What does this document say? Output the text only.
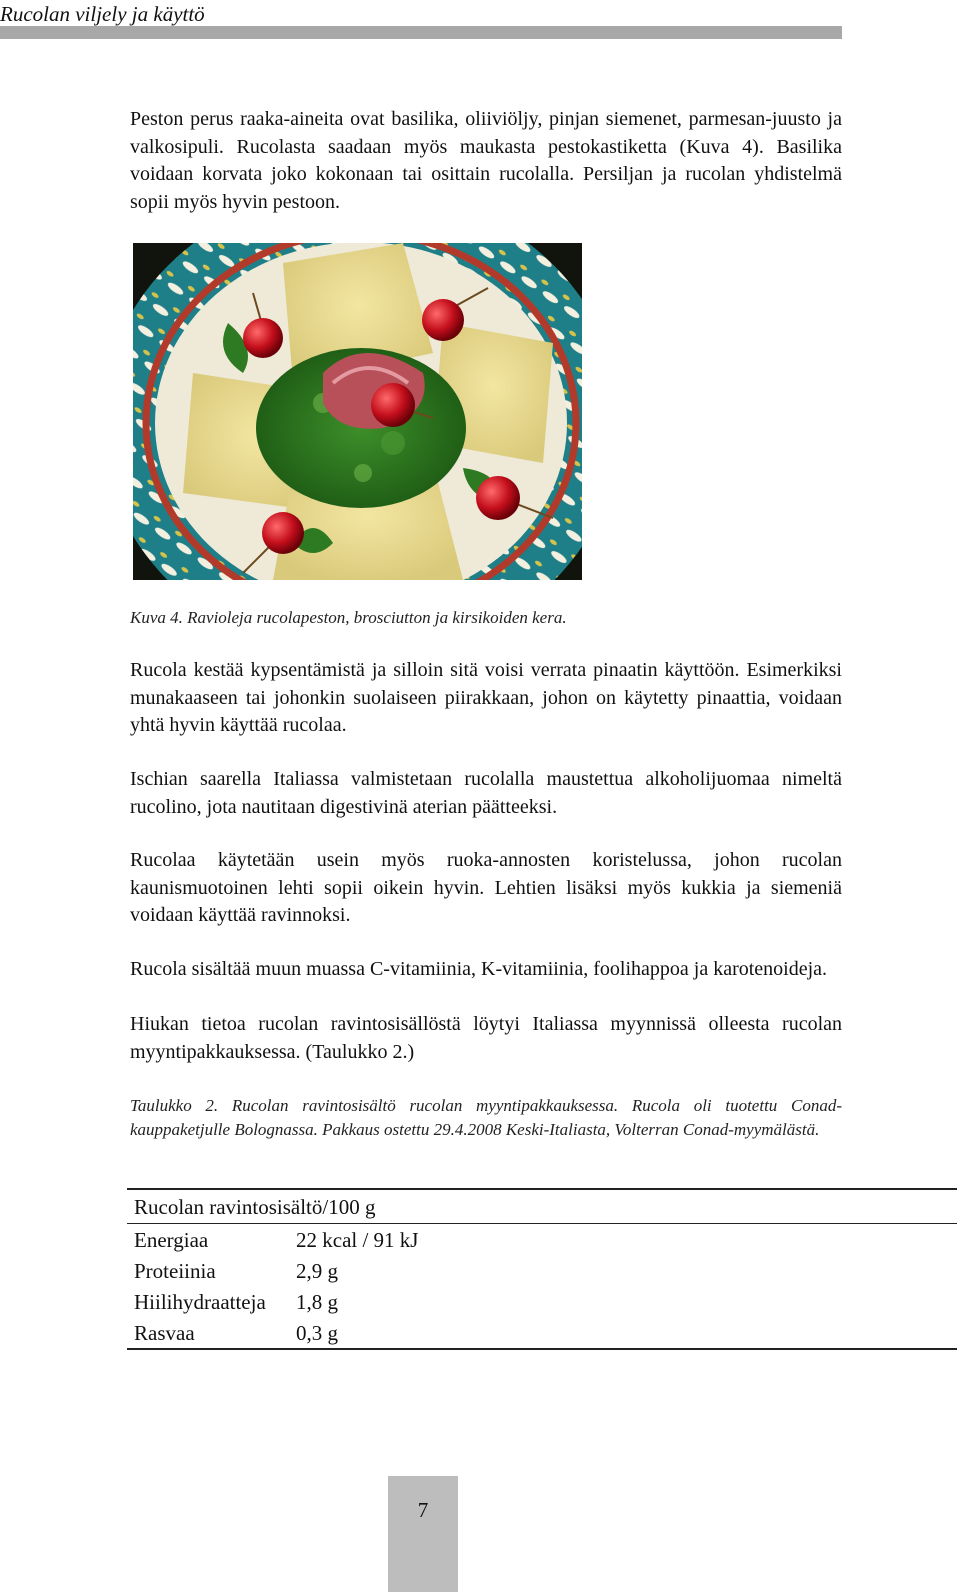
Rucolan viljely ja käyttö

Peston perus raaka-aineita ovat basilika, oliiviöljy, pinjan siemenet, parmesan-juusto ja valkosipuli. Rucolasta saadaan myös maukasta pestokastiketta (Kuva 4). Basilika voidaan korvata joko kokonaan tai osittain rucolalla. Persiljan ja rucolan yhdistelmä sopii myös hyvin pestoon.

Kuva 4. Ravioleja rucolapeston, brosciutton ja kirsikoiden kera.

Rucola kestää kypsentämistä ja silloin sitä voisi verrata pinaatin käyttöön. Esimerkiksi munakaaseen tai johonkin suolaiseen piirakkaan, johon on käytetty pinaattia, voidaan yhtä hyvin käyttää rucolaa.

Ischian saarella Italiassa valmistetaan rucolalla maustettua alkoholijuomaa nimeltä rucolino, jota nautitaan digestivinä aterian päätteeksi.

Rucolaa käytetään usein myös ruoka-annosten koristelussa, johon rucolan kaunismuotoinen lehti sopii oikein hyvin. Lehtien lisäksi myös kukkia ja siemeniä voidaan käyttää ravinnoksi.

Rucola sisältää muun muassa C-vitamiinia, K-vitamiinia, foolihappoa ja karotenoideja.

Hiukan tietoa rucolan ravintosisällöstä löytyi Italiassa myynnissä olleesta rucolan myyntipakkauksessa. (Taulukko 2.)

Taulukko 2. Rucolan ravintosisältö rucolan myyntipakkauksessa. Rucola oli tuotettu Conad-kauppaketjulle Bolognassa. Pakkaus ostettu 29.4.2008 Keski-Italiasta, Volterran Conad-myymälästä.

Rucolan ravintosisältö/100 g	
Energiaa	22 kcal / 91 kJ
Proteiinia	2,9 g
Hiilihydraatteja	1,8 g
Rasvaa	0,3 g
7
